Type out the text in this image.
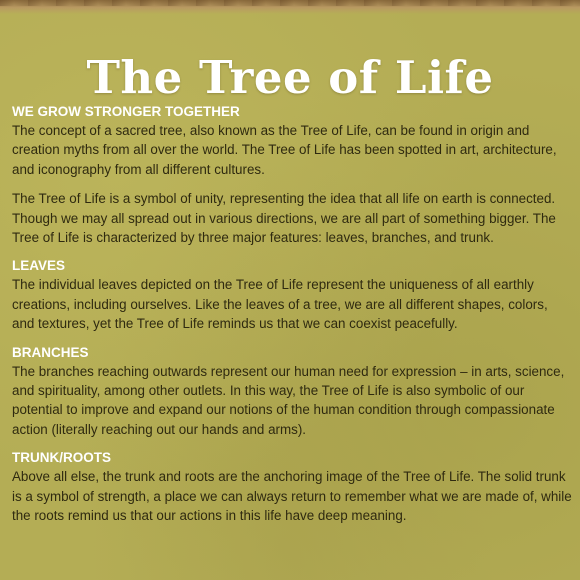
The Tree of Life
WE GROW STRONGER TOGETHER

The concept of a sacred tree, also known as the Tree of Life, can be found in origin and creation myths from all over the world. The Tree of Life has been spotted in art, architecture, and iconography from all different cultures.

The Tree of Life is a symbol of unity, representing the idea that all life on earth is connected. Though we may all spread out in various directions, we are all part of something bigger. The Tree of Life is characterized by three major features: leaves, branches, and trunk.

LEAVES

The individual leaves depicted on the Tree of Life represent the uniqueness of all earthly creations, including ourselves. Like the leaves of a tree, we are all different shapes, colors, and textures, yet the Tree of Life reminds us that we can coexist peacefully.

BRANCHES

The branches reaching outwards represent our human need for expression – in arts, science, and spirituality, among other outlets. In this way, the Tree of Life is also symbolic of our potential to improve and expand our notions of the human condition through compassionate action (literally reaching out our hands and arms).

TRUNK/ROOTS

Above all else, the trunk and roots are the anchoring image of the Tree of Life. The solid trunk is a symbol of strength, a place we can always return to remember what we are made of, while the roots remind us that our actions in this life have deep meaning.
